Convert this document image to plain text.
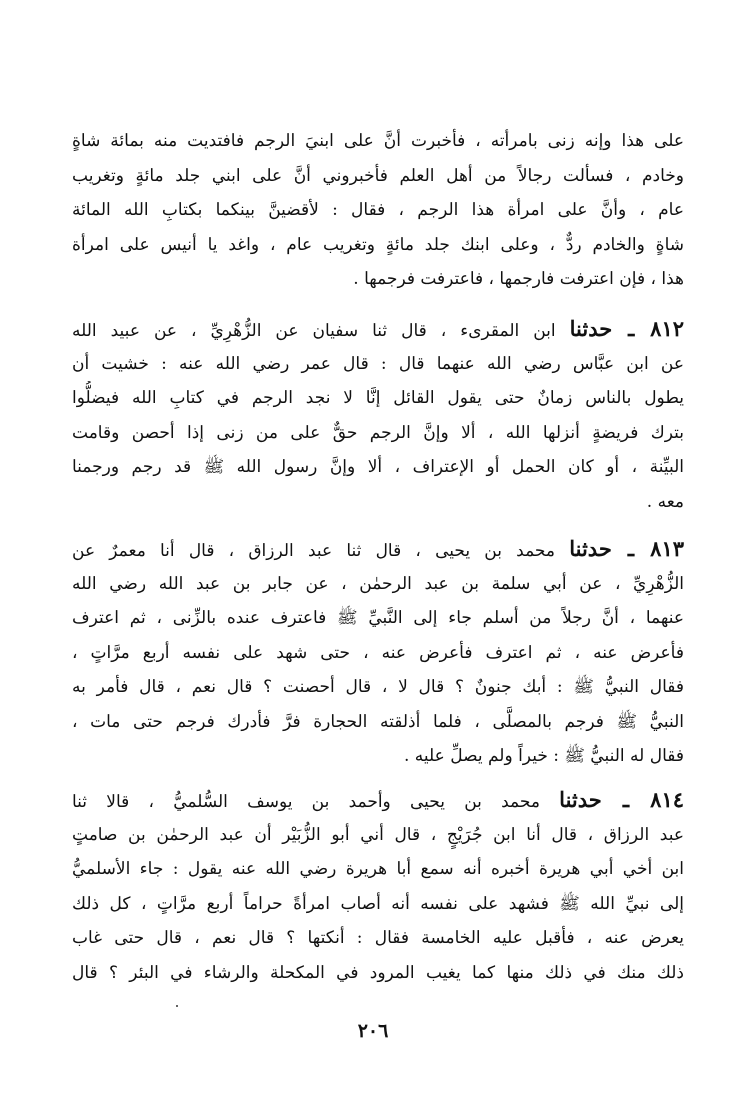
على هذا وإنه زنى بامرأته ، فأخبرت أنَّ على ابنيَ الرجم فافتديت منه بمائة شاةٍ
وخادم ، فسألت رجالاً من أهل العلم فأخبروني أنَّ على ابني جلد مائةٍ وتغريب
عام ، وأنَّ على امرأة هذا الرجم ، فقال : لأقضينَّ بينكما بكتابِ الله المائة
شاةٍ والخادم ردٌّ ، وعلى ابنك جلد مائةٍ وتغريب عام ، واغد يا أنيس على امرأة
هذا ، فإن اعترفت فارجمها ، فاعترفت فرجمها .
٨١٢ ـ حدثنا ابن المقرىء ، قال ثنا سفيان عن الزُّهْرِيِّ ، عن عبيد الله
عن ابن عبَّاس رضي الله عنهما قال : قال عمر رضي الله عنه : خشيت أن
يطول بالناس زمانٌ حتى يقول القائل إنَّا لا نجد الرجم في كتابِ الله فيضلُّوا
بترك فريضةٍ أنزلها الله ، ألا وإنَّ الرجم حقٌّ على من زنى إذا أحصن وقامت
البيِّنة ، أو كان الحمل أو الإعتراف ، ألا وإنَّ رسول الله ﷺ قد رجم ورجمنا
معه .
٨١٣ ـ حدثنا محمد بن يحيى ، قال ثنا عبد الرزاق ، قال أنا معمرٌ عن
الزُّهْرِيِّ ، عن أبي سلمة بن عبد الرحمٰن ، عن جابر بن عبد الله رضي الله
عنهما ، أنَّ رجلاً من أسلم جاء إلى النَّبيِّ ﷺ فاعترف عنده بالزِّنى ، ثم اعترف
فأعرض عنه ، ثم اعترف فأعرض عنه ، حتى شهد على نفسه أربع مرَّاتٍ ،
فقال النبيُّ ﷺ : أبك جنونٌ ؟ قال لا ، قال أحصنت ؟ قال نعم ، قال فأمر به
النبيُّ ﷺ فرجم بالمصلَّى ، فلما أذلقته الحجارة فرَّ فأدرك فرجم حتى مات ،
فقال له النبيُّ ﷺ : خيراً ولم يصلِّ عليه .
٨١٤ ـ حدثنا محمد بن يحيى وأحمد بن يوسف السُّلميُّ ، قالا ثنا
عبد الرزاق ، قال أنا ابن جُرَيْجٍ ، قال أني أبو الزُّبَيْر أن عبد الرحمٰن بن صامتٍ
ابن أخي أبي هريرة أخبره أنه سمع أبا هريرة رضي الله عنه يقول : جاء الأسلميُّ
إلى نبيِّ الله ﷺ فشهد على نفسه أنه أصاب امرأةً حراماً أربع مرَّاتٍ ، كل ذلك
يعرض عنه ، فأقبل عليه الخامسة فقال : أنكتها ؟ قال نعم ، قال حتى غاب
ذلك منك في ذلك منها كما يغيب المرود في المكحلة والرشاء في البئر ؟ قال
٢٠٦
